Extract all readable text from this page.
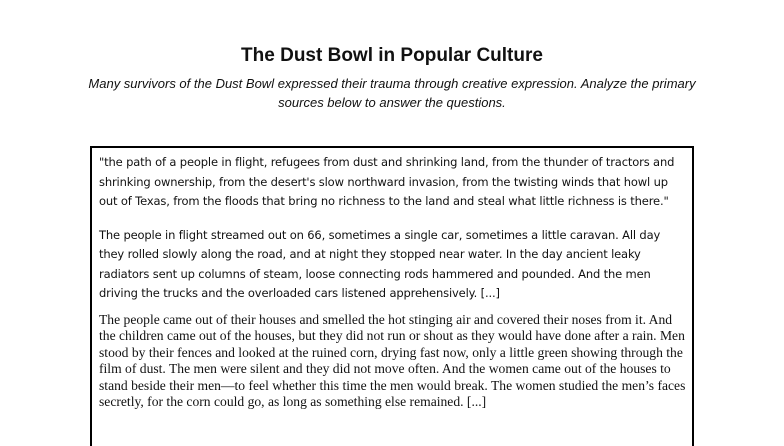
The Dust Bowl in Popular Culture

Many survivors of the Dust Bowl expressed their trauma through creative expression. Analyze the primary sources below to answer the questions.

"the path of a people in flight, refugees from dust and shrinking land, from the thunder of tractors and shrinking ownership, from the desert's slow northward invasion, from the twisting winds that howl up out of Texas, from the floods that bring no richness to the land and steal what little richness is there."

The people in flight streamed out on 66, sometimes a single car, sometimes a little caravan. All day they rolled slowly along the road, and at night they stopped near water. In the day ancient leaky radiators sent up columns of steam, loose connecting rods hammered and pounded. And the men driving the trucks and the overloaded cars listened apprehensively. [...]

The people came out of their houses and smelled the hot stinging air and covered their noses from it. And the children came out of the houses, but they did not run or shout as they would have done after a rain. Men stood by their fences and looked at the ruined corn, drying fast now, only a little green showing through the film of dust. The men were silent and they did not move often. And the women came out of the houses to stand beside their men—to feel whether this time the men would break. The women studied the men’s faces secretly, for the corn could go, as long as something else remained. [...]
